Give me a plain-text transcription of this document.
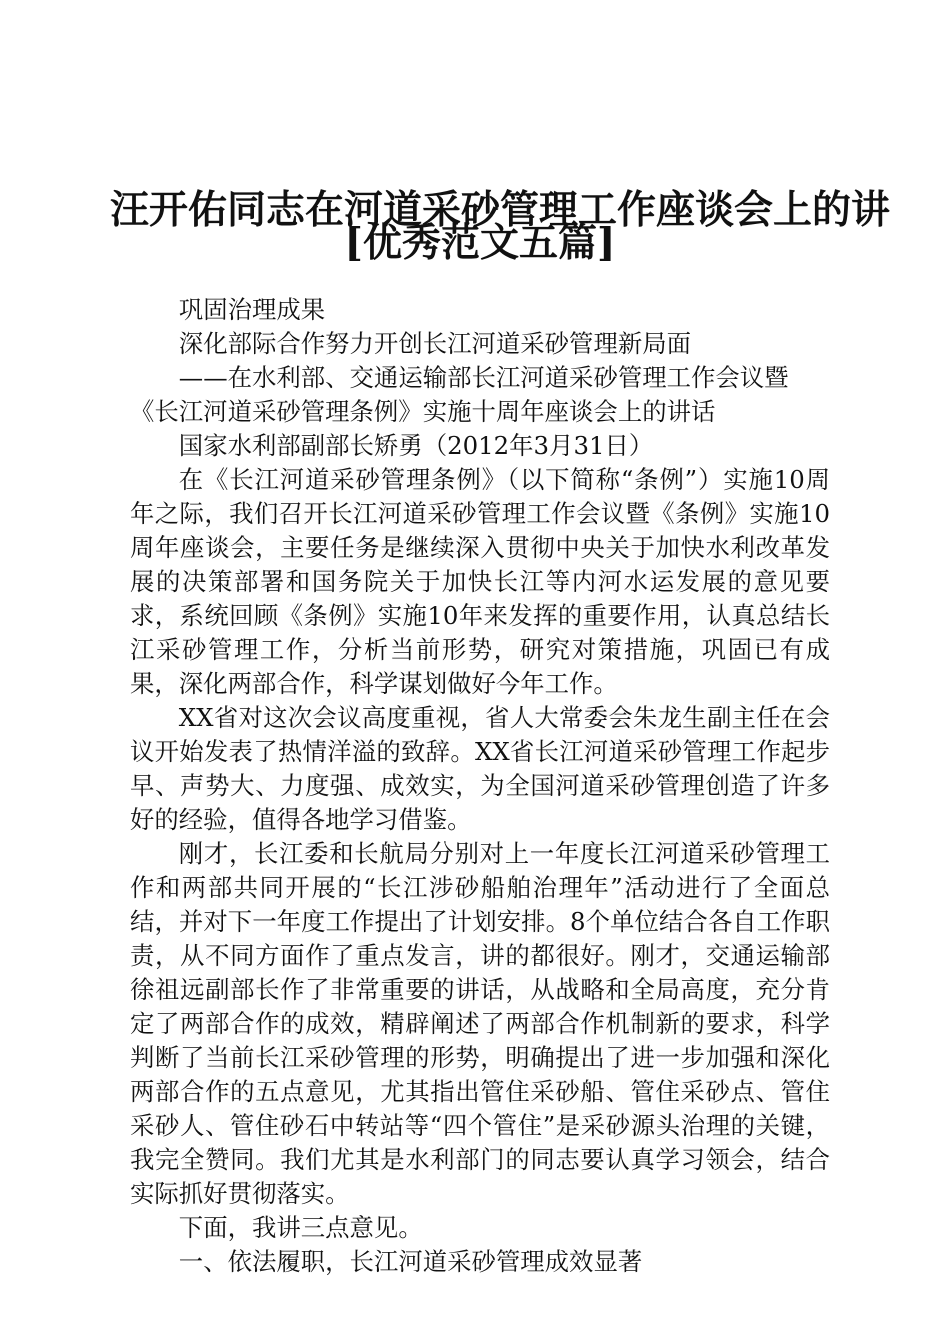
汪开佑同志在河道采砂管理工作座谈会上的讲
[优秀范文五篇]

巩固治理成果

深化部际合作努力开创长江河道采砂管理新局面

——在水利部、交通运输部长江河道采砂管理工作会议暨

《长江河道采砂管理条例》实施十周年座谈会上的讲话

国家水利部副部长矫勇（2012年3月31日）

在《长江河道采砂管理条例》（以下简称“条例”）实施10周年之际，我们召开长江河道采砂管理工作会议暨《条例》实施10周年座谈会，主要任务是继续深入贯彻中央关于加快水利改革发展的决策部署和国务院关于加快长江等内河水运发展的意见要求，系统回顾《条例》实施10年来发挥的重要作用，认真总结长江采砂管理工作，分析当前形势，研究对策措施，巩固已有成果，深化两部合作，科学谋划做好今年工作。

XX省对这次会议高度重视，省人大常委会朱龙生副主任在会议开始发表了热情洋溢的致辞。XX省长江河道采砂管理工作起步早、声势大、力度强、成效实，为全国河道采砂管理创造了许多好的经验，值得各地学习借鉴。

刚才，长江委和长航局分别对上一年度长江河道采砂管理工作和两部共同开展的“长江涉砂船舶治理年”活动进行了全面总结，并对下一年度工作提出了计划安排。8个单位结合各自工作职责，从不同方面作了重点发言，讲的都很好。刚才，交通运输部徐祖远副部长作了非常重要的讲话，从战略和全局高度，充分肯定了两部合作的成效，精辟阐述了两部合作机制新的要求，科学判断了当前长江采砂管理的形势，明确提出了进一步加强和深化两部合作的五点意见，尤其指出管住采砂船、管住采砂点、管住采砂人、管住砂石中转站等“四个管住”是采砂源头治理的关键，我完全赞同。我们尤其是水利部门的同志要认真学习领会，结合实际抓好贯彻落实。

下面，我讲三点意见。

一、依法履职，长江河道采砂管理成效显著
